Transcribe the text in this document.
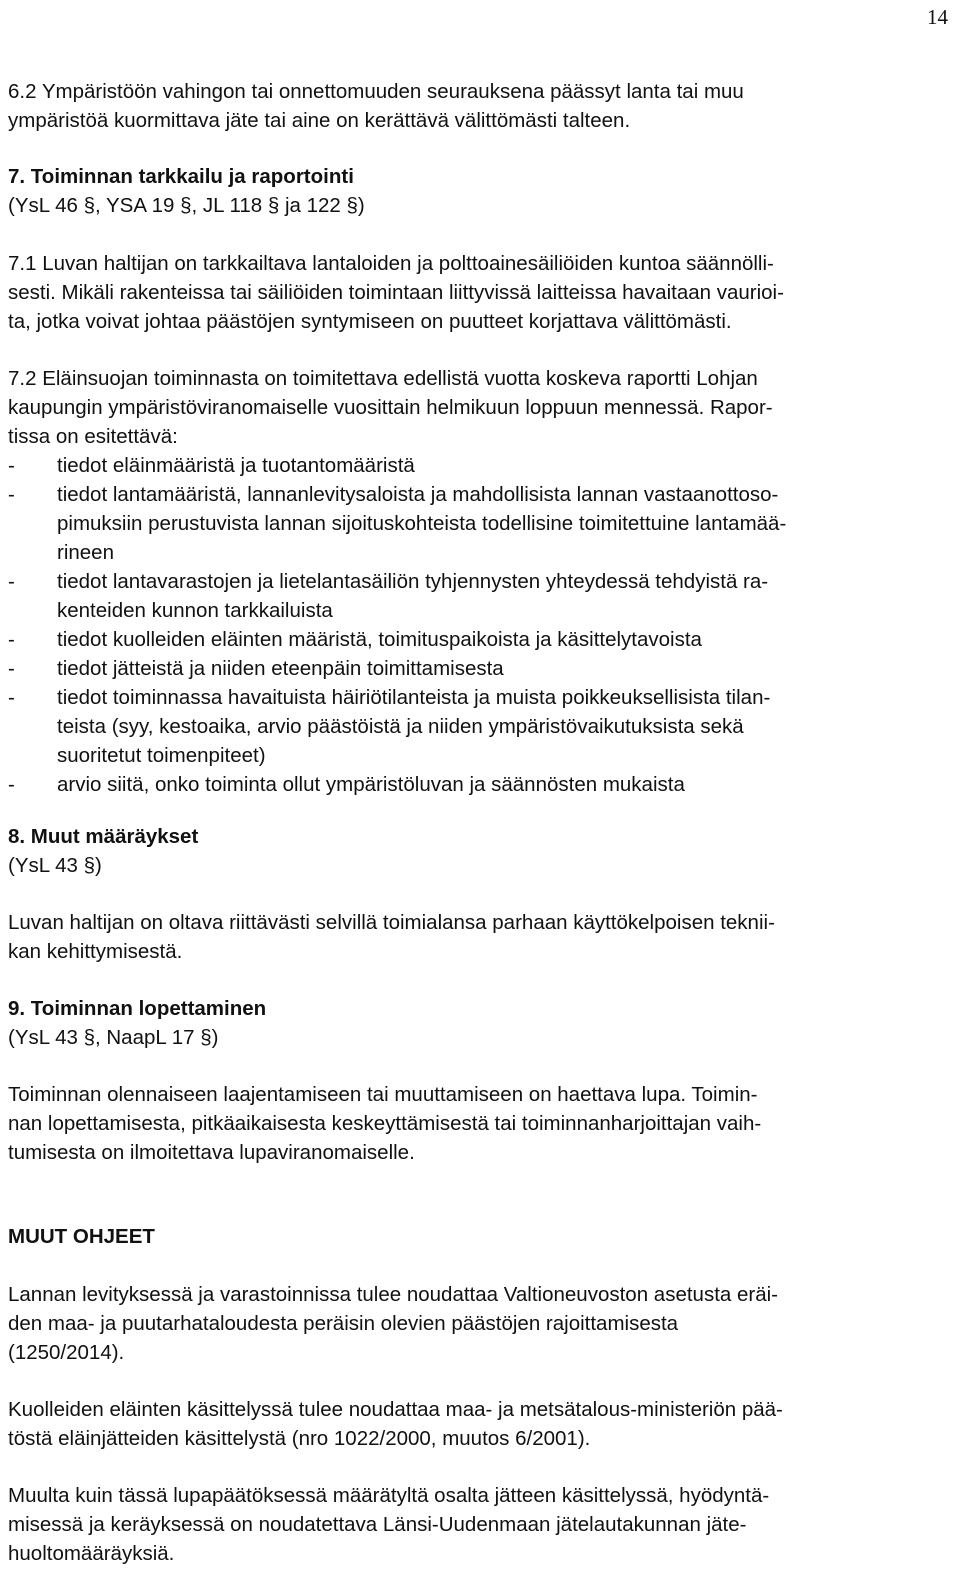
14
6.2 Ympäristöön vahingon tai onnettomuuden seurauksena päässyt lanta tai muu
ympäristöä kuormittava jäte tai aine on kerättävä välittömästi talteen.
7. Toiminnan tarkkailu ja raportointi
(YsL 46 §, YSA 19 §, JL 118 § ja 122 §)
7.1 Luvan haltijan on tarkkailtava lantaloiden ja polttoainesäiliöiden kuntoa säännölli-
sesti. Mikäli rakenteissa tai säiliöiden toimintaan liittyvissä laitteissa havaitaan vaurioi-
ta, jotka voivat johtaa päästöjen syntymiseen on puutteet korjattava välittömästi.
7.2 Eläinsuojan toiminnasta on toimitettava edellistä vuotta koskeva raportti Lohjan
kaupungin ympäristöviranomaiselle vuosittain helmikuun loppuun mennessä. Rapor-
tissa on esitettävä:
- tiedot eläinmääristä ja tuotantomääristä
- tiedot lantamääristä, lannanlevitysaloista ja mahdollisista lannan vastaanottoso-
pimuksiin perustuvista lannan sijoituskohteista todellisine toimitettuine lantamää-
rineen
- tiedot lantavarastojen ja lietelantasäiliön tyhjennysten yhteydessä tehdyistä ra-
kenteiden kunnon tarkkailuista
- tiedot kuolleiden eläinten määristä, toimituspaikoista ja käsittelytavoista
- tiedot jätteistä ja niiden eteenpäin toimittamisesta
- tiedot toiminnassa havaituista häiriötilanteista ja muista poikkeuksellisista tilan-
teista (syy, kestoaika, arvio päästöistä ja niiden ympäristövaikutuksista sekä
suoritetut toimenpiteet)
- arvio siitä, onko toiminta ollut ympäristöluvan ja säännösten mukaista
8. Muut määräykset
(YsL 43 §)
Luvan haltijan on oltava riittävästi selvillä toimialansa parhaan käyttökelpoisen teknii-
kan kehittymisestä.
9. Toiminnan lopettaminen
(YsL 43 §, NaapL 17 §)
Toiminnan olennaiseen laajentamiseen tai muuttamiseen on haettava lupa. Toimin-
nan lopettamisesta, pitkäaikaisesta keskeyttämisestä tai toiminnanharjoittajan vaih-
tumisesta on ilmoitettava lupaviranomaiselle.
MUUT OHJEET
Lannan levityksessä ja varastoinnissa tulee noudattaa Valtioneuvoston asetusta eräi-
den maa- ja puutarhataloudesta peräisin olevien päästöjen rajoittamisesta
(1250/2014).
Kuolleiden eläinten käsittelyssä tulee noudattaa maa- ja metsätalous-ministeriön pää-
töstä eläinjätteiden käsittelystä (nro 1022/2000, muutos 6/2001).
Muulta kuin tässä lupapäätöksessä määrätyltä osalta jätteen käsittelyssä, hyödyntä-
misessä ja keräyksessä on noudatettava Länsi-Uudenmaan jätelautakunnan jäte-
huoltomääräyksiä.
